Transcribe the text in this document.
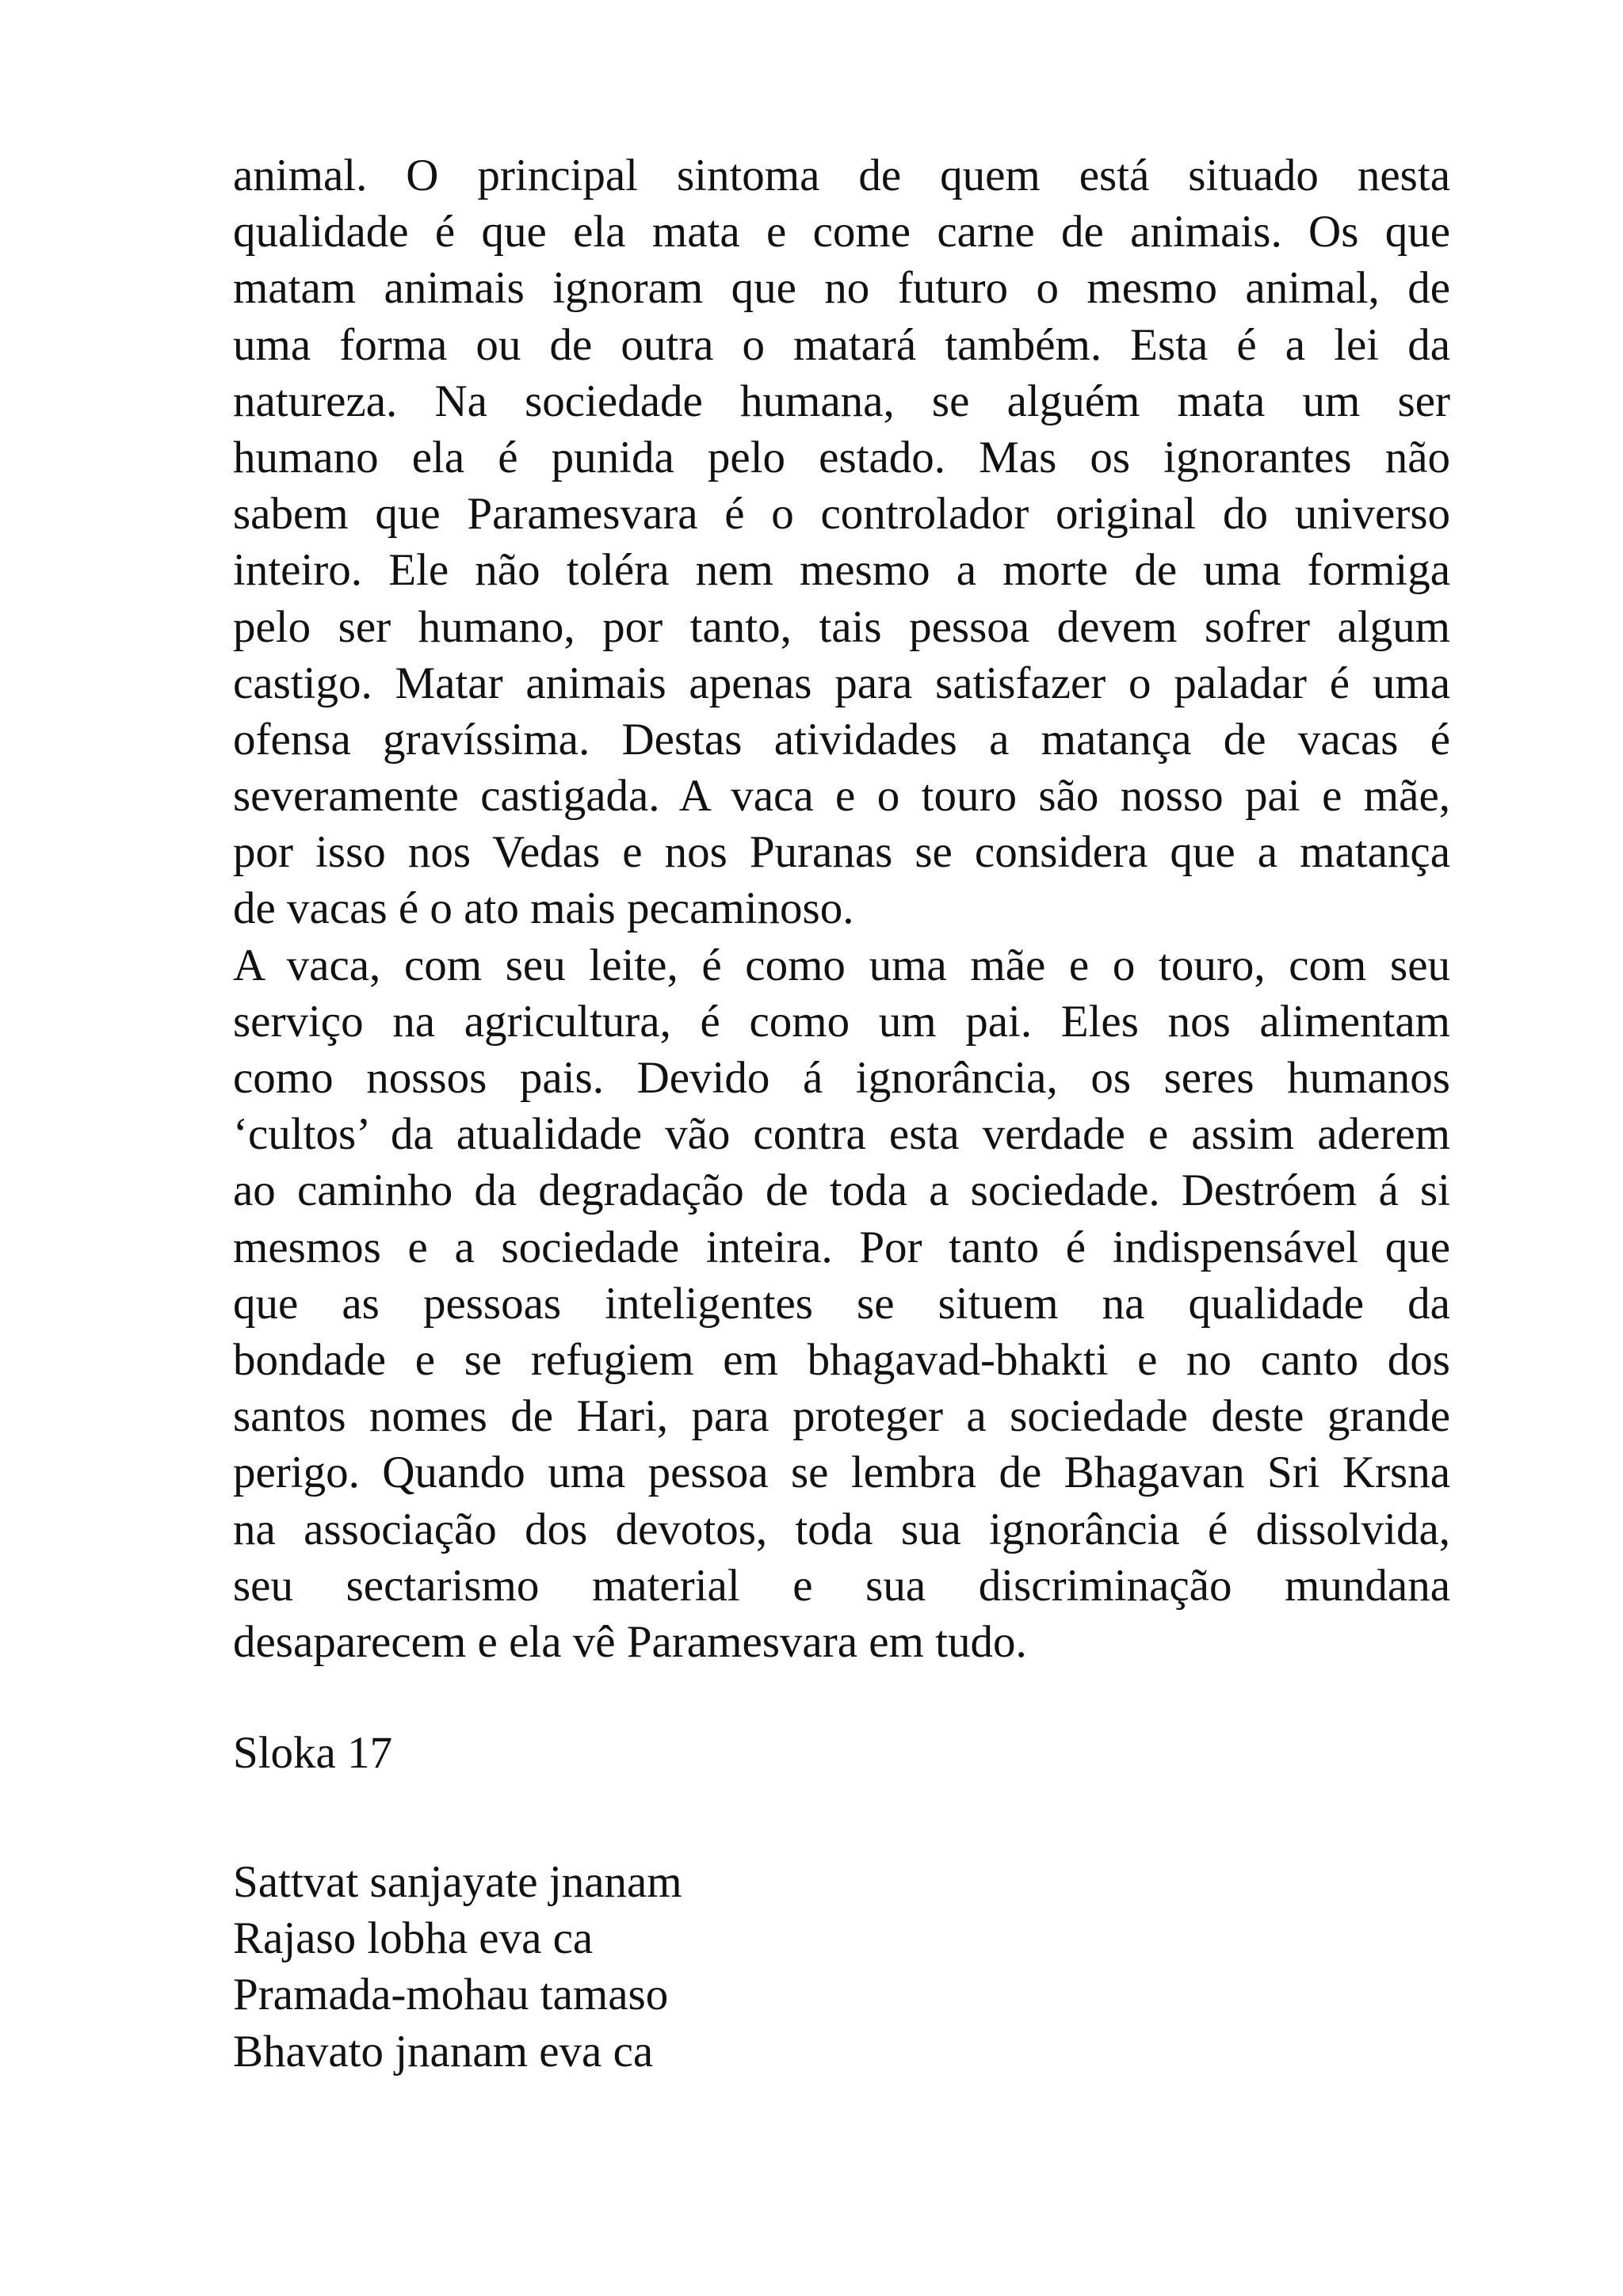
animal. O principal sintoma de quem está situado nesta
qualidade é que ela mata e come carne de animais. Os que
matam animais ignoram que no futuro o mesmo animal, de
uma forma ou de outra o matará também. Esta é a lei da
natureza. Na sociedade humana, se alguém mata um ser
humano ela é punida pelo estado. Mas os ignorantes não
sabem que Paramesvara é o controlador original do universo
inteiro. Ele não toléra nem mesmo a morte de uma formiga
pelo ser humano, por tanto, tais pessoa devem sofrer algum
castigo. Matar animais apenas para satisfazer o paladar é uma
ofensa gravíssima. Destas atividades a matança de vacas é
severamente castigada. A vaca e o touro são nosso pai e mãe,
por isso nos Vedas e nos Puranas se considera que a matança
de vacas é o ato mais pecaminoso.
A vaca, com seu leite, é como uma mãe e o touro, com seu
serviço na agricultura, é como um pai. Eles nos alimentam
como nossos pais. Devido á ignorância, os seres humanos
‘cultos’ da atualidade vão contra esta verdade e assim aderem
ao caminho da degradação de toda a sociedade. Destróem á si
mesmos e a sociedade inteira. Por tanto é indispensável que
que as pessoas inteligentes se situem na qualidade da
bondade e se refugiem em bhagavad-bhakti e no canto dos
santos nomes de Hari, para proteger a sociedade deste grande
perigo. Quando uma pessoa se lembra de Bhagavan Sri Krsna
na associação dos devotos, toda sua ignorância é dissolvida,
seu sectarismo material e sua discriminação mundana
desaparecem e ela vê Paramesvara em tudo.
Sloka 17
Sattvat sanjayate jnanam
Rajaso lobha eva ca
Pramada-mohau tamaso
Bhavato jnanam eva ca
